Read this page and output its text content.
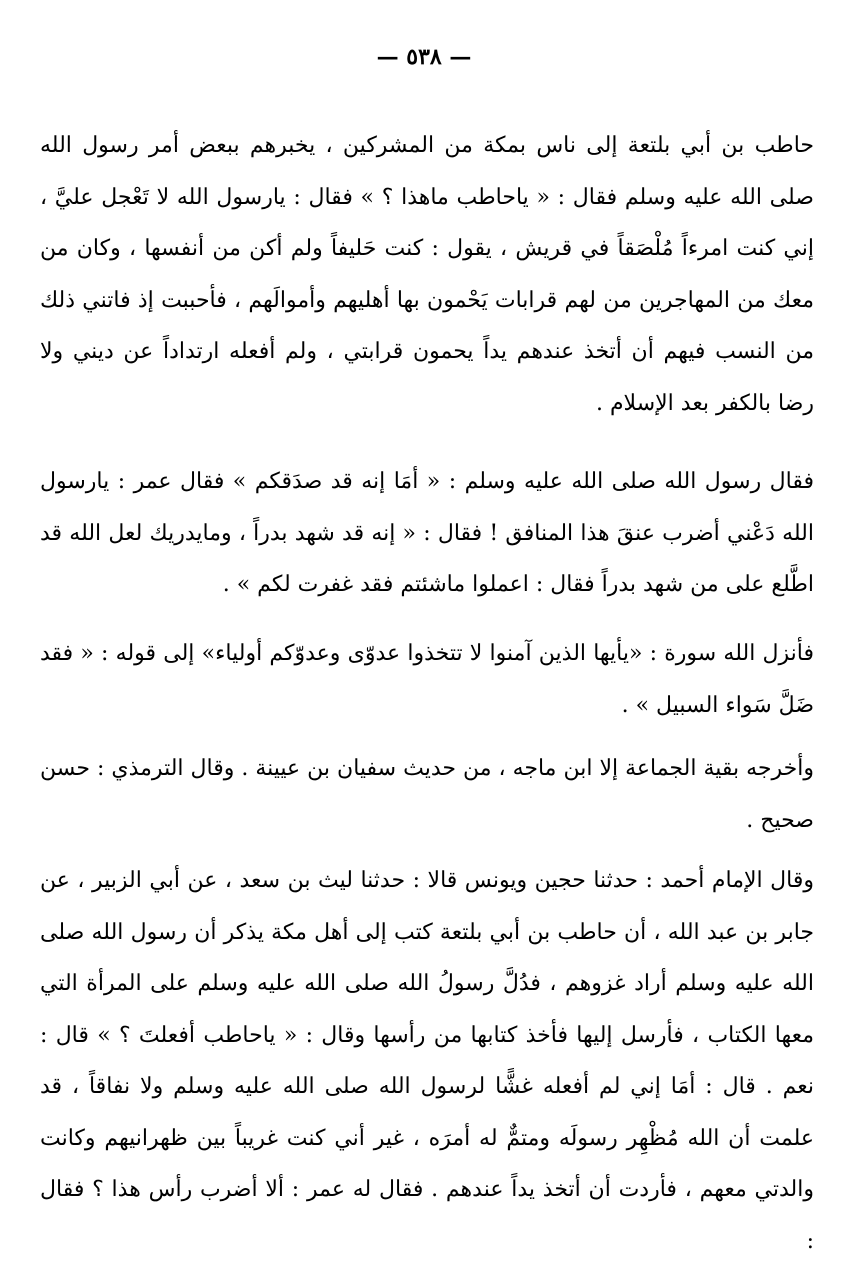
— ٥٣٨ —

حاطب بن أبي بلتعة إلى ناس بمكة من المشركين ، يخبرهم ببعض أمر رسول الله صلى الله عليه وسلم فقال : « ياحاطب ماهذا ؟ » فقال : يارسول الله لا تَعْجل عليَّ ، إني كنت امرءاً مُلْصَقاً في قريش ، يقول : كنت حَليفاً ولم أكن من أنفسها ، وكان من معك من المهاجرين من لهم قرابات يَحْمون بها أهليهم وأموالَهم ، فأحببت إذ فاتني ذلك من النسب فيهم أن أتخذ عندهم يداً يحمون قرابتي ، ولم أفعله ارتداداً عن ديني ولا رضا بالكفر بعد الإسلام .

فقال رسول الله صلى الله عليه وسلم : « أمَا إنه قد صدَقكم » فقال عمر : يارسول الله دَعْني أضرب عنقَ هذا المنافق ! فقال : « إنه قد شهد بدراً ، ومايدريك لعل الله قد اطَّلع على من شهد بدراً فقال : اعملوا ماشئتم فقد غفرت لكم » .

فأنزل الله سورة : «يأيها الذين آمنوا لا تتخذوا عدوّى وعدوّكم أولياء» إلى قوله : « فقد ضَلَّ سَواء السبيل » .

وأخرجه بقية الجماعة إلا ابن ماجه ، من حديث سفيان بن عيينة . وقال الترمذي : حسن صحيح .

وقال الإمام أحمد : حدثنا حجين ويونس قالا : حدثنا ليث بن سعد ، عن أبي الزبير ، عن جابر بن عبد الله ، أن حاطب بن أبي بلتعة كتب إلى أهل مكة يذكر أن رسول الله صلى الله عليه وسلم أراد غزوهم ، فدُلَّ رسولُ الله صلى الله عليه وسلم على المرأة التي معها الكتاب ، فأرسل إليها فأخذ كتابها من رأسها وقال : « ياحاطب أفعلتَ ؟ » قال : نعم . قال : أمَا إني لم أفعله غشًّا لرسول الله صلى الله عليه وسلم ولا نفاقاً ، قد علمت أن الله مُظْهِر رسولَه ومتمٌّ له أمرَه ، غير أني كنت غريباً بين ظهرانيهم وكانت والدتي معهم ، فأردت أن أتخذ يداً عندهم . فقال له عمر : ألا أضرب رأس هذا ؟ فقال :
